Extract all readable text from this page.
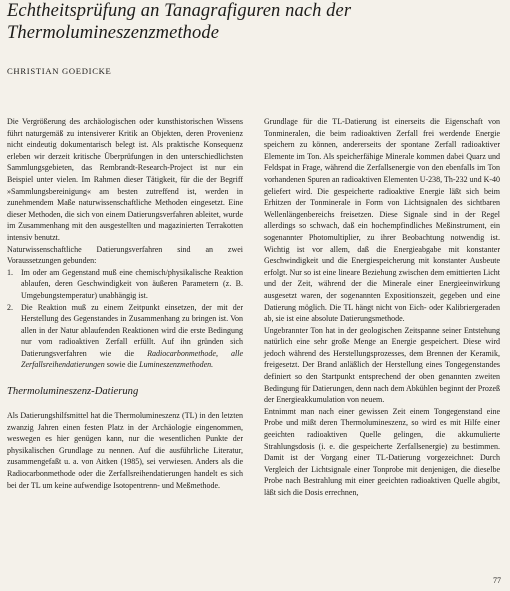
Echtheitsprüfung an Tanagrafiguren nach der
Thermolumineszenzmethode
CHRISTIAN GOEDICKE

Die Vergrößerung des archäologischen oder kunsthistorischen Wissens führt naturgemäß zu intensiverer Kritik an Objekten, deren Provenienz nicht eindeutig dokumentarisch belegt ist. Als praktische Konsequenz erleben wir derzeit kritische Überprüfungen in den unterschiedlichsten Sammlungsgebieten, das Rembrandt-Research-Project ist nur ein Beispiel unter vielen. Im Rahmen dieser Tätigkeit, für die der Begriff »Sammlungsbereinigung« am besten zutreffend ist, werden in zunehmendem Maße naturwissenschaftliche Methoden eingesetzt. Eine dieser Methoden, die sich von einem Datierungsverfahren ableitet, wurde im Zusammenhang mit den ausgestellten und magazinierten Terrakotten intensiv benutzt.

Naturwissenschaftliche Datierungsverfahren sind an zwei Voraussetzungen gebunden:

1. Im oder am Gegenstand muß eine chemisch/physikalische Reaktion ablaufen, deren Geschwindigkeit von äußeren Parametern (z. B. Umgebungstemperatur) unabhängig ist.
2. Die Reaktion muß zu einem Zeitpunkt einsetzen, der mit der Herstellung des Gegenstandes in Zusammenhang zu bringen ist. Von allen in der Natur ablaufenden Reaktionen wird die erste Bedingung nur vom radioaktiven Zerfall erfüllt. Auf ihn gründen sich Datierungsverfahren wie die Radiocarbonmethode, alle Zerfallsreihendatierungen sowie die Lumineszenzmethoden.
Thermolumineszenz-Datierung

Als Datierungshilfsmittel hat die Thermolumineszenz (TL) in den letzten zwanzig Jahren einen festen Platz in der Archäologie eingenommen, weswegen es hier genügen kann, nur die wesentlichen Punkte der physikalischen Grundlage zu nennen. Auf die ausführliche Literatur, zusammengefaßt u. a. von Aitken (1985), sei verwiesen. Anders als die Radiocarbonmethode oder die Zerfallsreihendatierungen handelt es sich bei der TL um keine aufwendige Isotopentrenn- und Meßmethode.

Grundlage für die TL-Datierung ist einerseits die Eigenschaft von Tonmineralen, die beim radioaktiven Zerfall frei werdende Energie speichern zu können, andererseits der spontane Zerfall radioaktiver Elemente im Ton. Als speicherfähige Minerale kommen dabei Quarz und Feldspat in Frage, während die Zerfallsenergie von den ebenfalls im Ton vorhandenen Spuren an radioaktiven Elementen U-238, Th-232 und K-40 geliefert wird. Die gespeicherte radioaktive Energie läßt sich beim Erhitzen der Tonminerale in Form von Lichtsignalen des sichtbaren Wellenlängenbereichs freisetzen. Diese Signale sind in der Regel allerdings so schwach, daß ein hochempfindliches Meßinstrument, ein sogenannter Photomultiplier, zu ihrer Beobachtung notwendig ist. Wichtig ist vor allem, daß die Energieabgabe mit konstanter Geschwindigkeit und die Energiespeicherung mit konstanter Ausbeute erfolgt. Nur so ist eine lineare Beziehung zwischen dem emittierten Licht und der Zeit, während der die Minerale einer Energieeinwirkung ausgesetzt waren, der sogenannten Expositionszeit, gegeben und eine Datierung möglich. Die TL hängt nicht von Eich- oder Kalibriergeraden ab, sie ist eine absolute Datierungsmethode.

Ungebrannter Ton hat in der geologischen Zeitspanne seiner Entstehung natürlich eine sehr große Menge an Energie gespeichert. Diese wird jedoch während des Herstellungsprozesses, dem Brennen der Keramik, freigesetzt. Der Brand anläßlich der Herstellung eines Tongegenstandes definiert so den Startpunkt entsprechend der oben genannten zweiten Bedingung für Datierungen, denn nach dem Abkühlen beginnt der Prozeß der Energieakkumulation von neuem.

Entnimmt man nach einer gewissen Zeit einem Tongegenstand eine Probe und mißt deren Thermolumineszenz, so wird es mit Hilfe einer geeichten radioaktiven Quelle gelingen, die akkumulierte Strahlungsdosis (i. e. die gespeicherte Zerfallsenergie) zu bestimmen. Damit ist der Vorgang einer TL-Datierung vorgezeichnet: Durch Vergleich der Lichtsignale einer Tonprobe mit denjenigen, die dieselbe Probe nach Bestrahlung mit einer geeichten radioaktiven Quelle abgibt, läßt sich die Dosis errechnen,

77
